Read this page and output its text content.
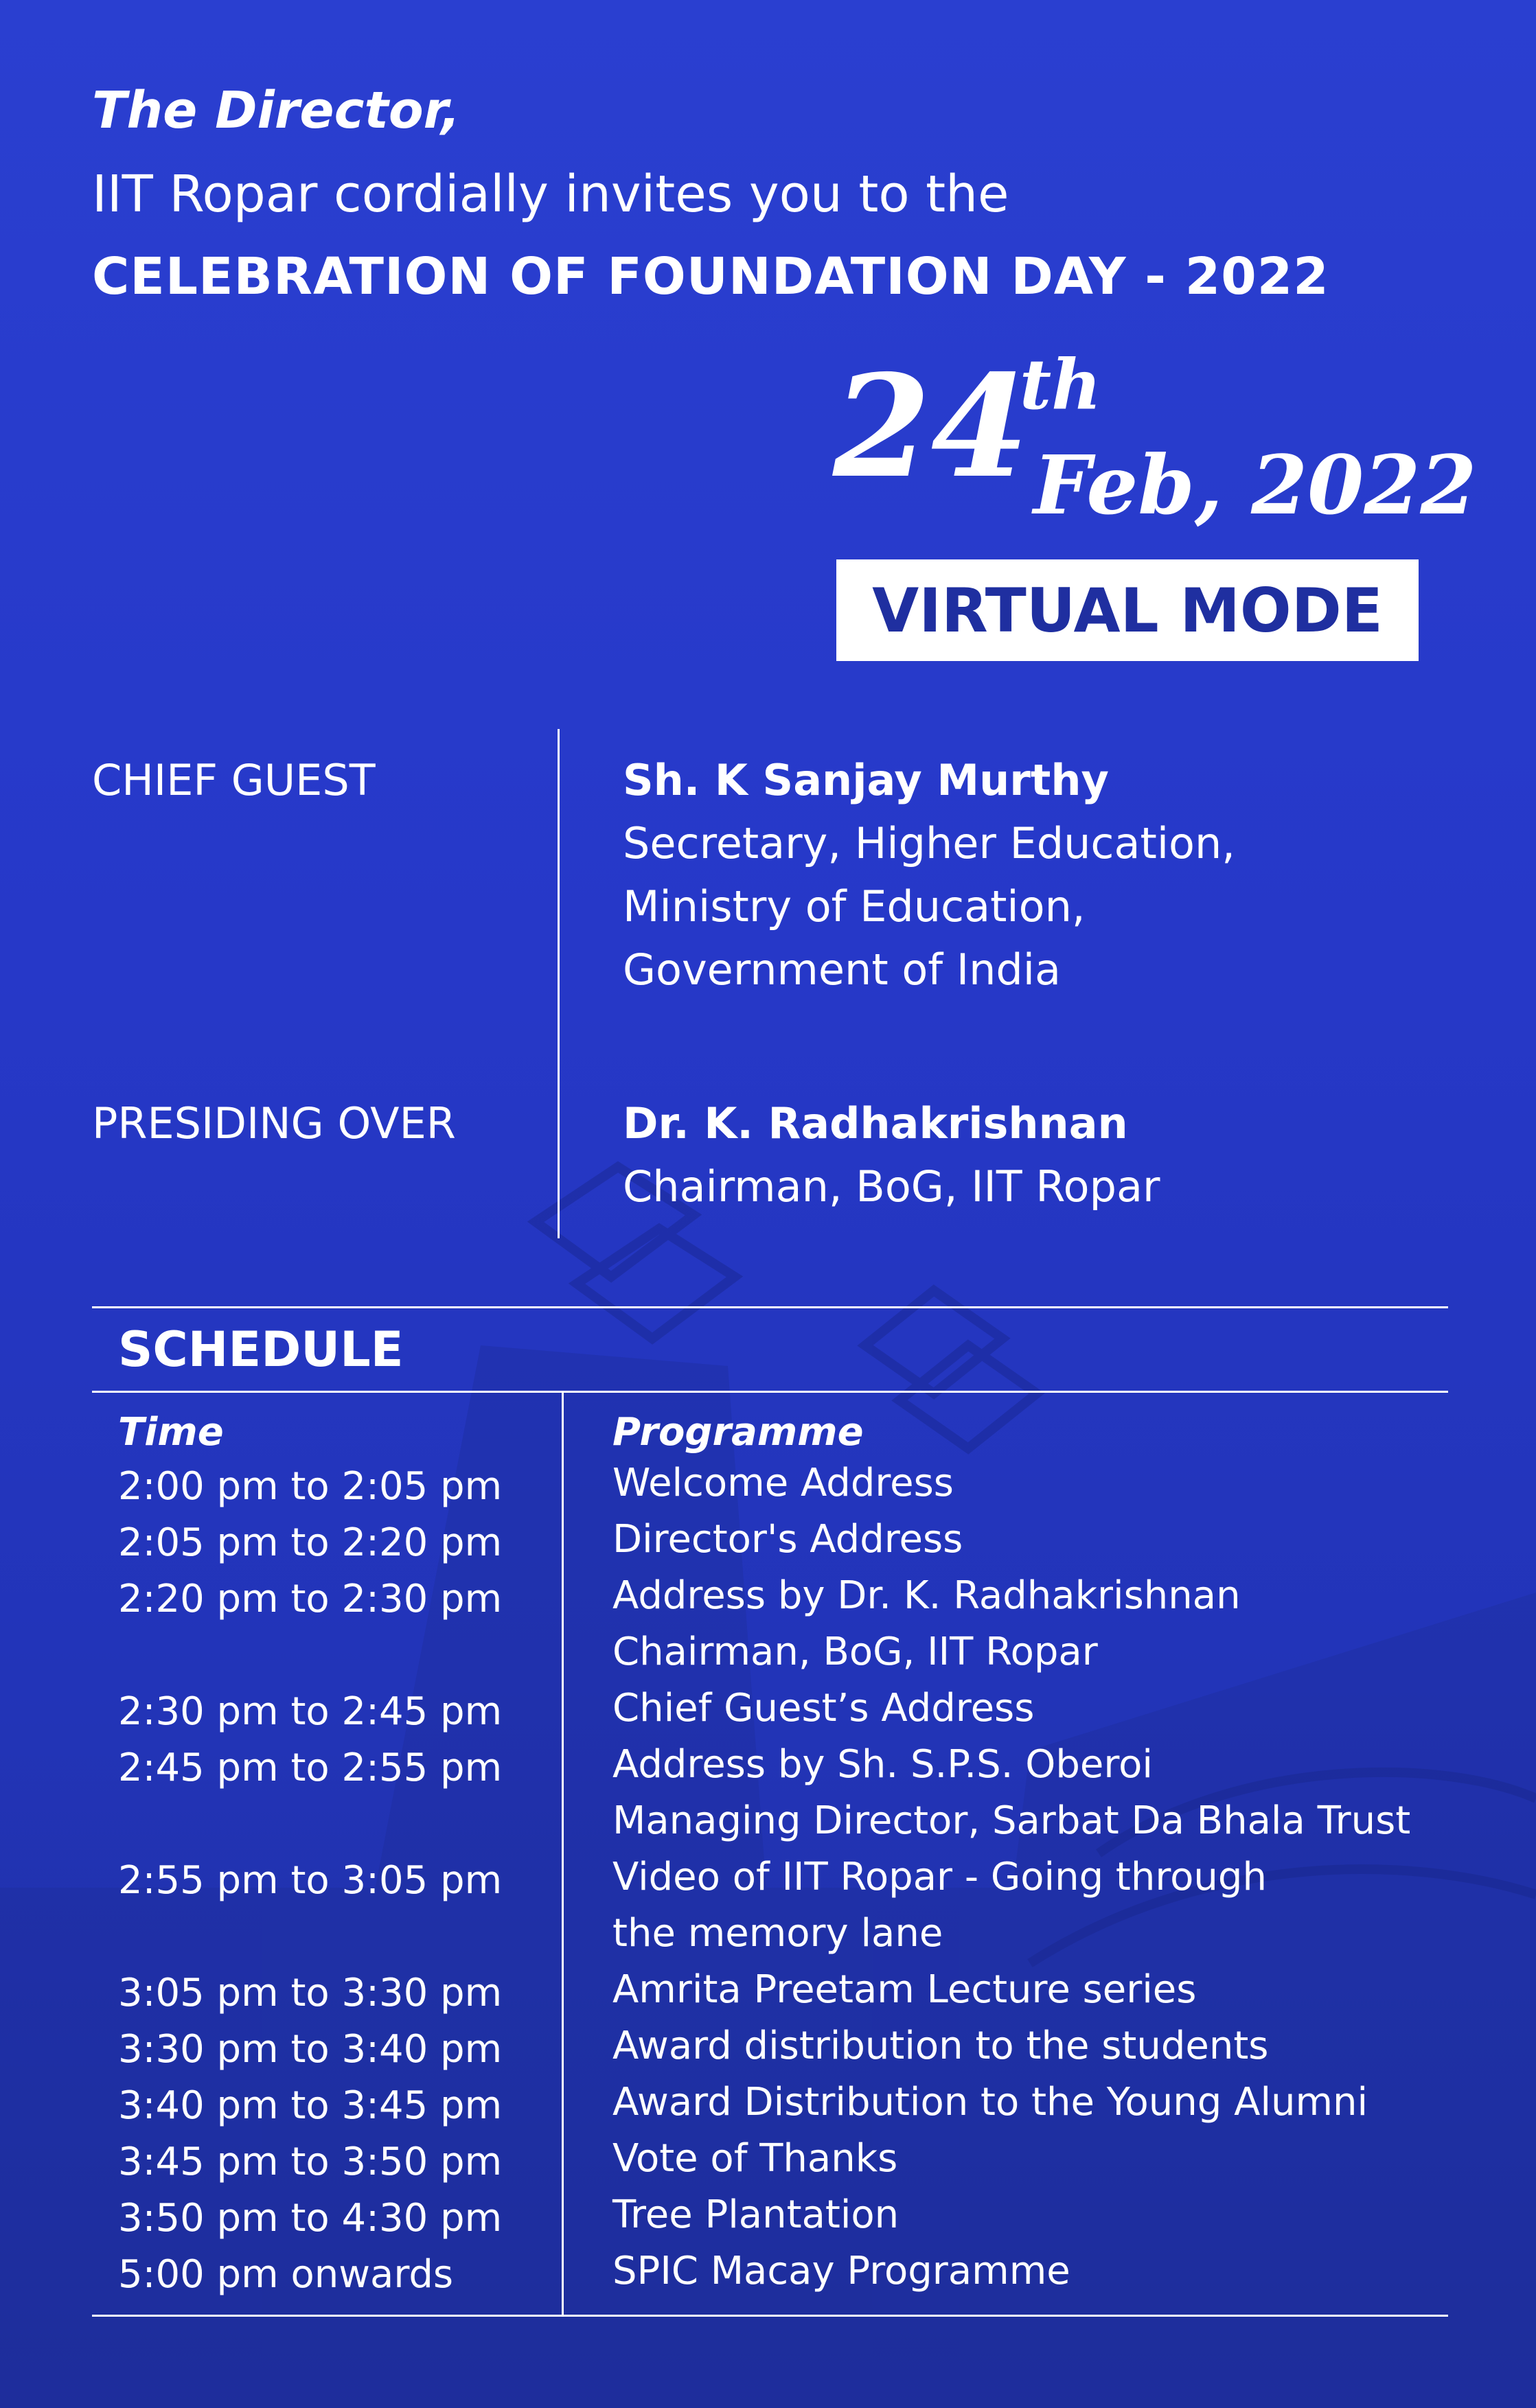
The Director,
IIT Ropar cordially invites you to the
CELEBRATION OF FOUNDATION DAY - 2022
24
th
Feb, 2022
VIRTUAL MODE
CHIEF GUEST	Sh. K Sanjay Murthy
Secretary, Higher Education,
Ministry of Education,
Government of India
PRESIDING OVER	Dr. K. Radhakrishnan
Chairman, BoG, IIT Ropar
SCHEDULE
Time	Programme
2:00 pm to 2:05 pm	Welcome Address
2:05 pm to 2:20 pm	Director's Address
2:20 pm to 2:30 pm	Address by Dr. K. Radhakrishnan
Chairman, BoG, IIT Ropar
2:30 pm to 2:45 pm	Chief Guest’s Address
2:45 pm to 2:55 pm	Address by Sh. S.P.S. Oberoi
Managing Director, Sarbat Da Bhala Trust
2:55 pm to 3:05 pm	Video of IIT Ropar - Going through
the memory lane
3:05 pm to 3:30 pm	Amrita Preetam Lecture series
3:30 pm to 3:40 pm	Award distribution to the students
3:40 pm to 3:45 pm	Award Distribution to the Young Alumni
3:45 pm to 3:50 pm	Vote of Thanks
3:50 pm to 4:30 pm	Tree Plantation
5:00 pm onwards	SPIC Macay Programme
